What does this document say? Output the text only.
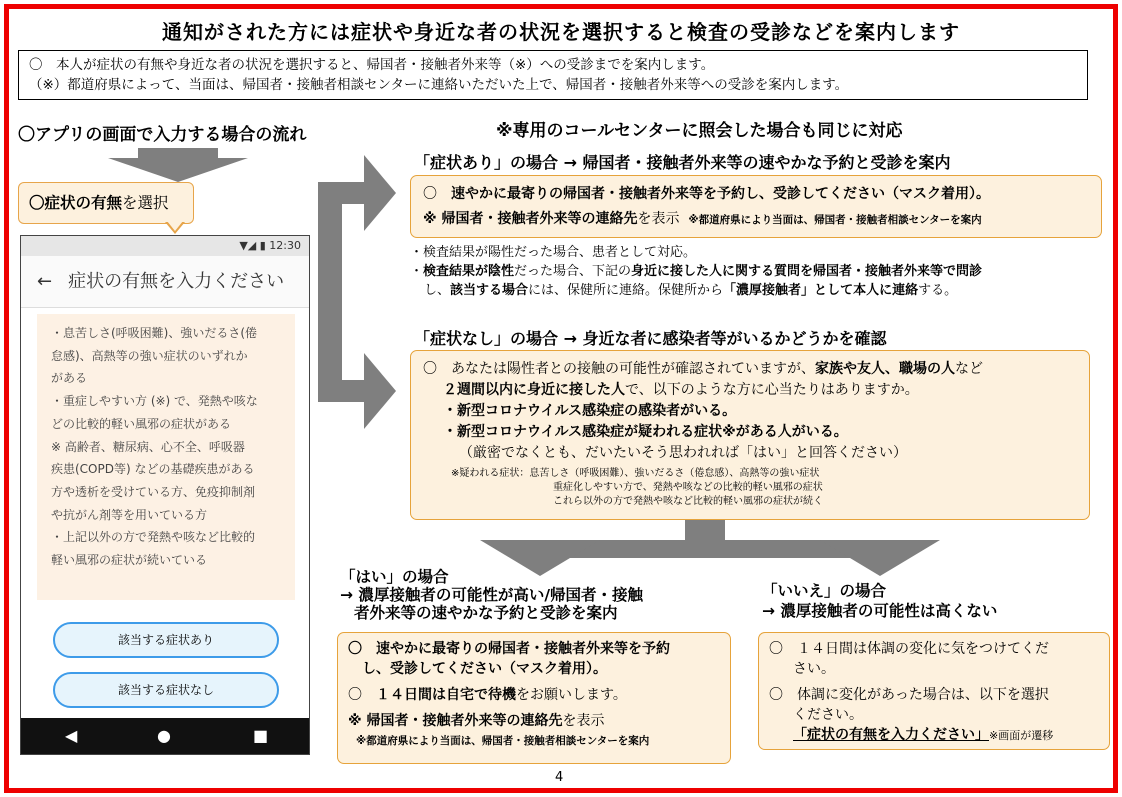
通知がされた方には症状や身近な者の状況を選択すると検査の受診などを案内します
〇　本人が症状の有無や身近な者の状況を選択すると、帰国者・接触者外来等（※）への受診までを案内します。
（※）都道府県によって、当面は、帰国者・接触者相談センターに連絡いただいた上で、帰国者・接触者外来等への受診を案内します。
〇アプリの画面で入力する場合の流れ	※専用のコールセンターに照会した場合も同じに対応
〇症状の有無を選択
▼◢ ▮ 12:30
← 症状の有無を入力ください
・息苦しさ(呼吸困難)、強いだるさ(倦
怠感)、高熱等の強い症状のいずれか
がある
・重症しやすい方 (※) で、発熱や咳な
どの比較的軽い風邪の症状がある
※ 高齢者、糖尿病、心不全、呼吸器
疾患(COPD等) などの基礎疾患がある
方や透析を受けている方、免疫抑制剤
や抗がん剤等を用いている方
・上記以外の方で発熱や咳など比較的
軽い風邪の症状が続いている
該当する症状あり
該当する症状なし
◀	●	■
「症状あり」の場合 → 帰国者・接触者外来等の速やかな予約と受診を案内
〇　速やかに最寄りの帰国者・接触者外来等を予約し、受診してください（マスク着用）。
※ 帰国者・接触者外来等の連絡先を表示 ※都道府県により当面は、帰国者・接触者相談センターを案内
・検査結果が陽性だった場合、患者として対応。
・検査結果が陰性だった場合、下記の身近に接した人に関する質問を帰国者・接触者外来等で問診
し、該当する場合には、保健所に連絡。保健所から「濃厚接触者」として本人に連絡する。
「症状なし」の場合 → 身近な者に感染者等がいるかどうかを確認
〇　あなたは陽性者との接触の可能性が確認されていますが、家族や友人、職場の人など
２週間以内に身近に接した人で、以下のような方に心当たりはありますか。
・新型コロナウイルス感染症の感染者がいる。
・新型コロナウイルス感染症が疑われる症状※がある人がいる。
（厳密でなくとも、だいたいそう思われれば「はい」と回答ください）
※疑われる症状：息苦しさ（呼吸困難）、強いだるさ（倦怠感）、高熱等の強い症状
重症化しやすい方で、発熱や咳などの比較的軽い風邪の症状
これら以外の方で発熱や咳など比較的軽い風邪の症状が続く
「はい」の場合
→ 濃厚接触者の可能性が高い/帰国者・接触
者外来等の速やかな予約と受診を案内
「いいえ」の場合
→ 濃厚接触者の可能性は高くない
〇　速やかに最寄りの帰国者・接触者外来等を予約
し、受診してください（マスク着用）。
〇　１４日間は自宅で待機をお願いします。
※ 帰国者・接触者外来等の連絡先を表示
※都道府県により当面は、帰国者・接触者相談センターを案内
〇　１４日間は体調の変化に気をつけてくだ
さい。
〇　体調に変化があった場合は、以下を選択
ください。
「症状の有無を入力ください」※画面が遷移
4
